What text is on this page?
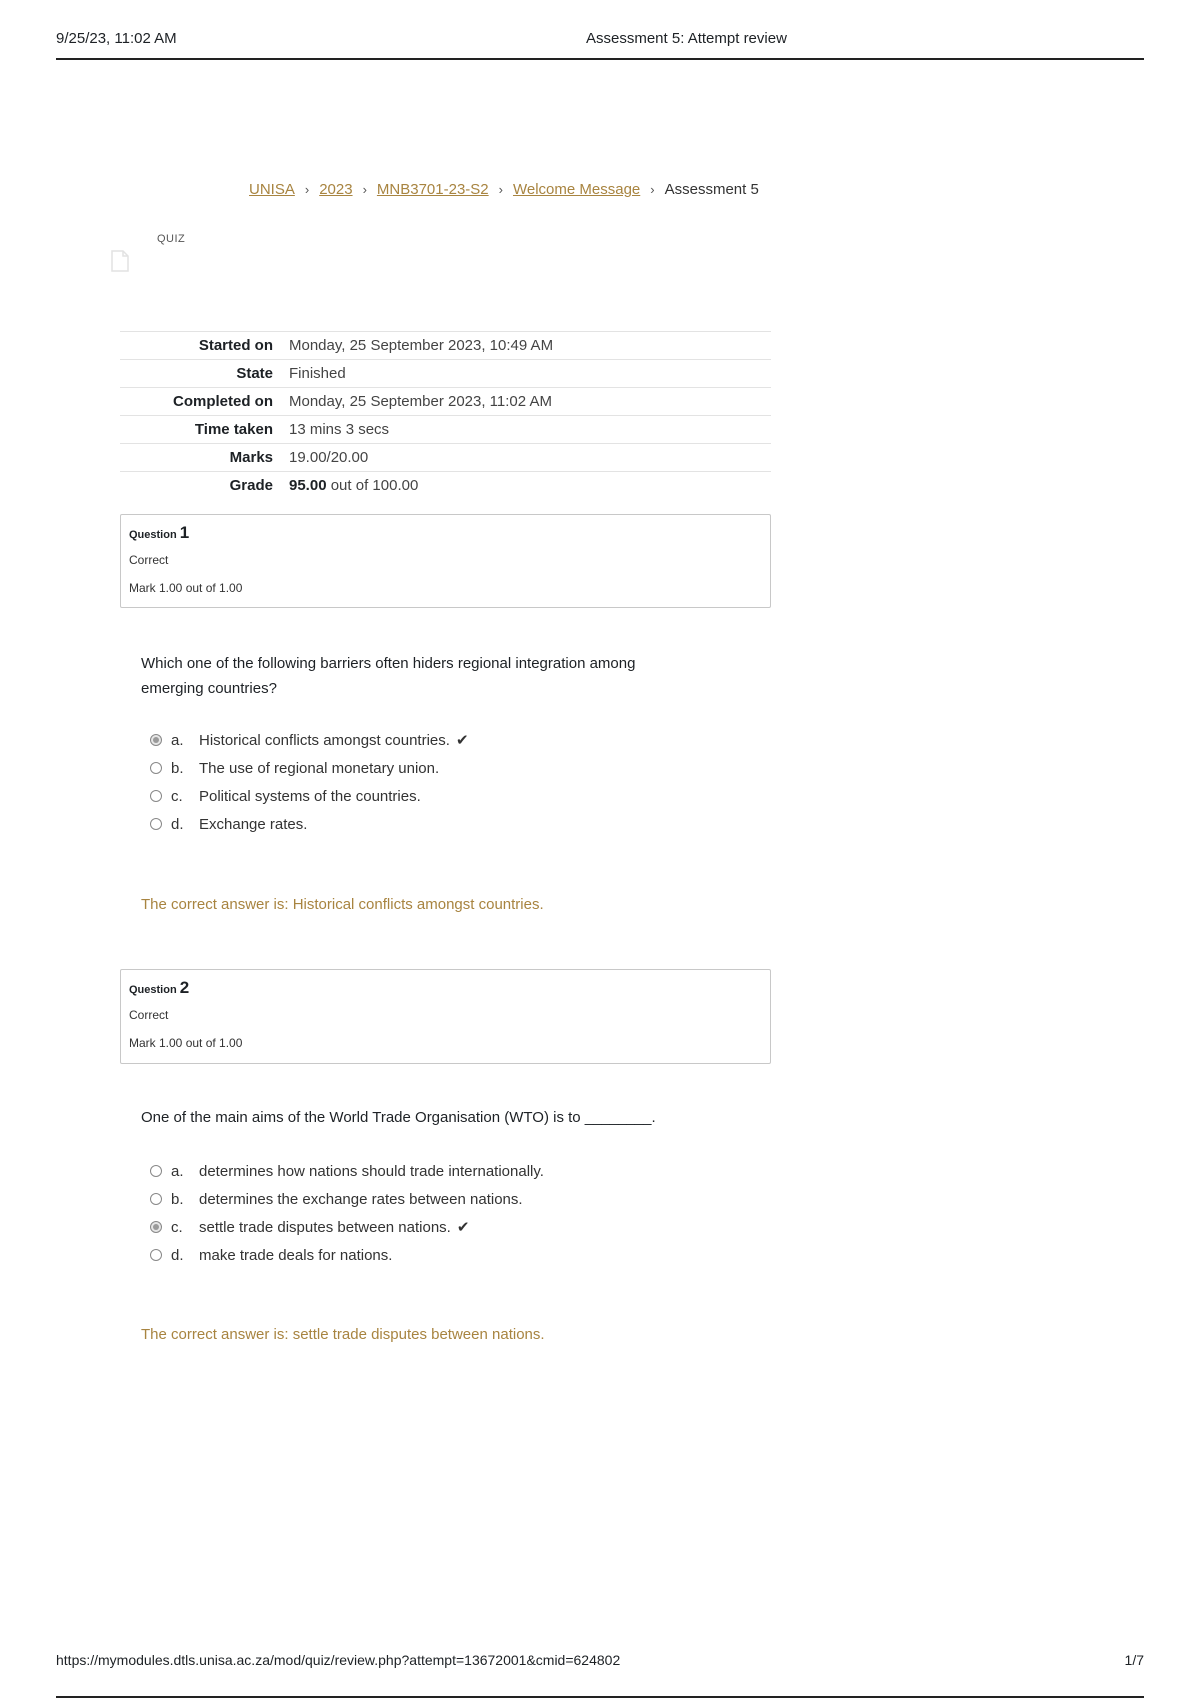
9/25/23, 11:02 AM	Assessment 5: Attempt review
UNISA › 2023 › MNB3701-23-S2 › Welcome Message › Assessment 5
QUIZ
Started on	Monday, 25 September 2023, 10:49 AM
State	Finished
Completed on	Monday, 25 September 2023, 11:02 AM
Time taken	13 mins 3 secs
Marks	19.00/20.00
Grade	95.00 out of 100.00
Question 1
Correct
Mark 1.00 out of 1.00
Which one of the following barriers often hiders regional integration among emerging countries?
a.	Historical conflicts amongst countries. ✔
b.	The use of regional monetary union.
c.	Political systems of the countries.
d.	Exchange rates.
The correct answer is: Historical conflicts amongst countries.
Question 2
Correct
Mark 1.00 out of 1.00
One of the main aims of the World Trade Organisation (WTO) is to ________.
a.	determines how nations should trade internationally.
b.	determines the exchange rates between nations.
c.	settle trade disputes between nations. ✔
d.	make trade deals for nations.
The correct answer is: settle trade disputes between nations.
https://mymodules.dtls.unisa.ac.za/mod/quiz/review.php?attempt=13672001&cmid=624802	1/7
